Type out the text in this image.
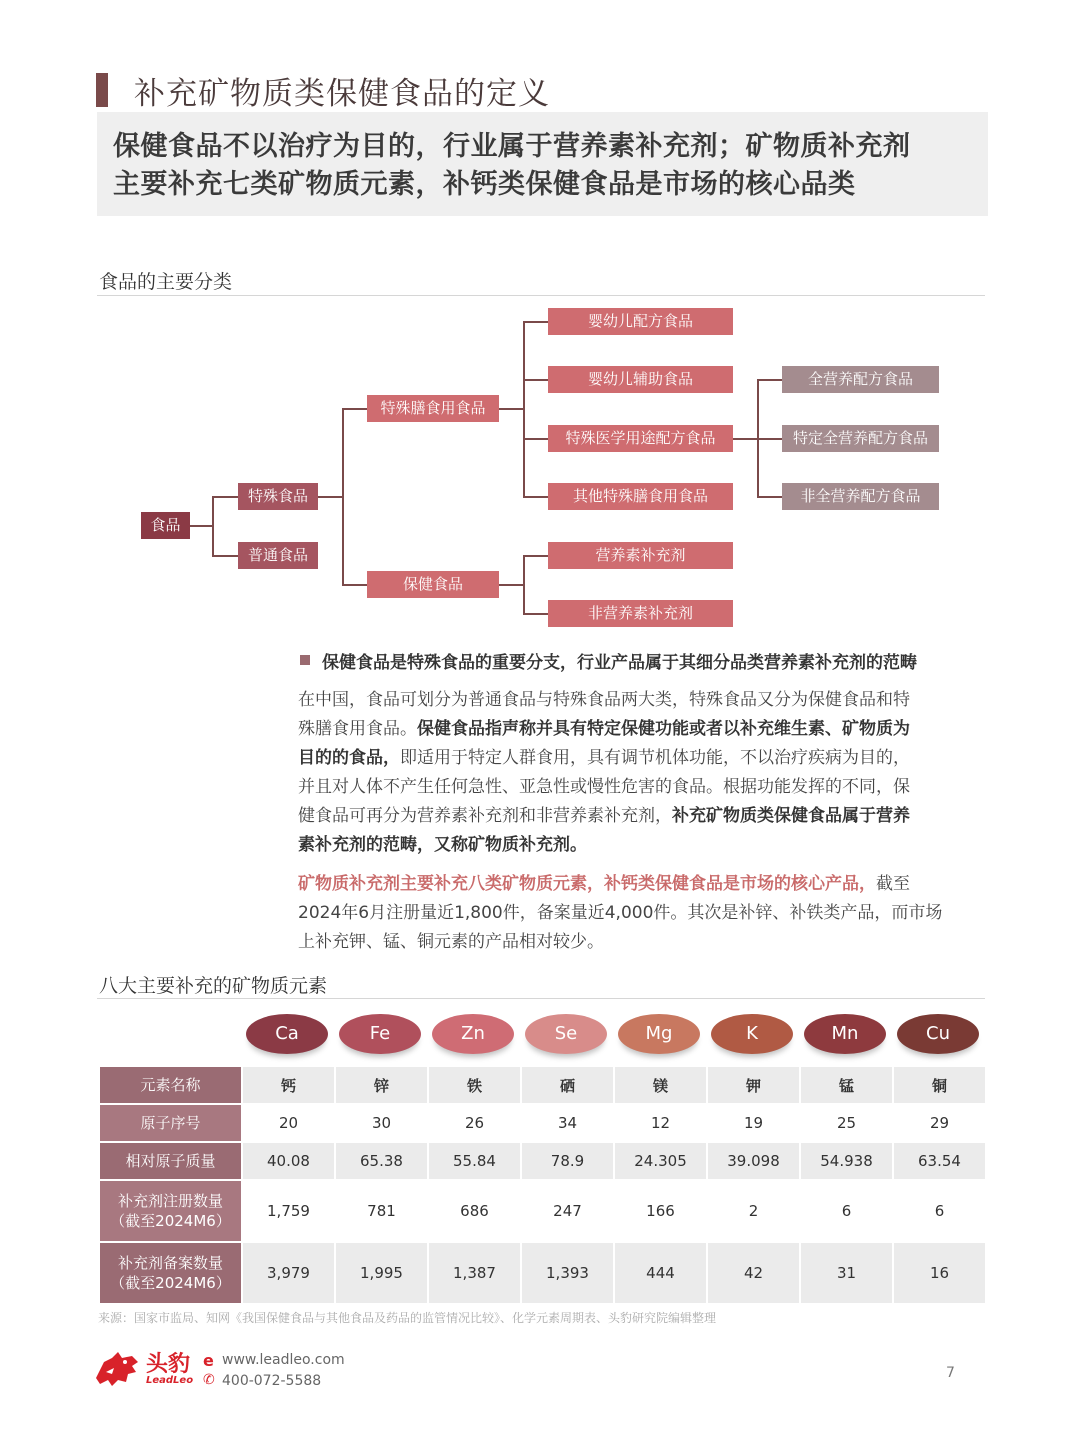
补充矿物质类保健食品的定义
保健食品不以治疗为目的，行业属于营养素补充剂；矿物质补充剂
主要补充七类矿物质元素，补钙类保健食品是市场的核心品类
食品的主要分类
食品
特殊食品
普通食品
特殊膳食用食品
保健食品
婴幼儿配方食品
婴幼儿辅助食品
特殊医学用途配方食品
其他特殊膳食用食品
营养素补充剂
非营养素补充剂
全营养配方食品
特定全营养配方食品
非全营养配方食品
保健食品是特殊食品的重要分支，行业产品属于其细分品类营养素补充剂的范畴
在中国，食品可划分为普通食品与特殊食品两大类，特殊食品又分为保健食品和特
殊膳食用食品。保健食品指声称并具有特定保健功能或者以补充维生素、矿物质为
目的的食品，即适用于特定人群食用，具有调节机体功能，不以治疗疾病为目的，
并且对人体不产生任何急性、亚急性或慢性危害的食品。根据功能发挥的不同，保
健食品可再分为营养素补充剂和非营养素补充剂，补充矿物质类保健食品属于营养
素补充剂的范畴，又称矿物质补充剂。
矿物质补充剂主要补充八类矿物质元素，补钙类保健食品是市场的核心产品，截至
2024年6月注册量近1,800件，备案量近4,000件。其次是补锌、补铁类产品，而市场
上补充钾、锰、铜元素的产品相对较少。
八大主要补充的矿物质元素
Ca	Fe	Zn	Se	Mg	K	Mn	Cu
元素名称	钙	锌	铁	硒	镁	钾	锰	铜
原子序号	20	30	26	34	12	19	25	29
相对原子质量	40.08	65.38	55.84	78.9	24.305	39.098	54.938	63.54

补充剂注册数量
（截至2024M6）	1,759	781	686	247	166	2	6	6

补充剂备案数量
（截至2024M6）	3,979	1,995	1,387	1,393	444	42	31	16
来源：国家市监局、知网《我国保健食品与其他食品及药品的监管情况比较》、化学元素周期表、头豹研究院编辑整理
头豹
LeadLeo
e www.leadleo.com
✆ 400-072-5588	7
